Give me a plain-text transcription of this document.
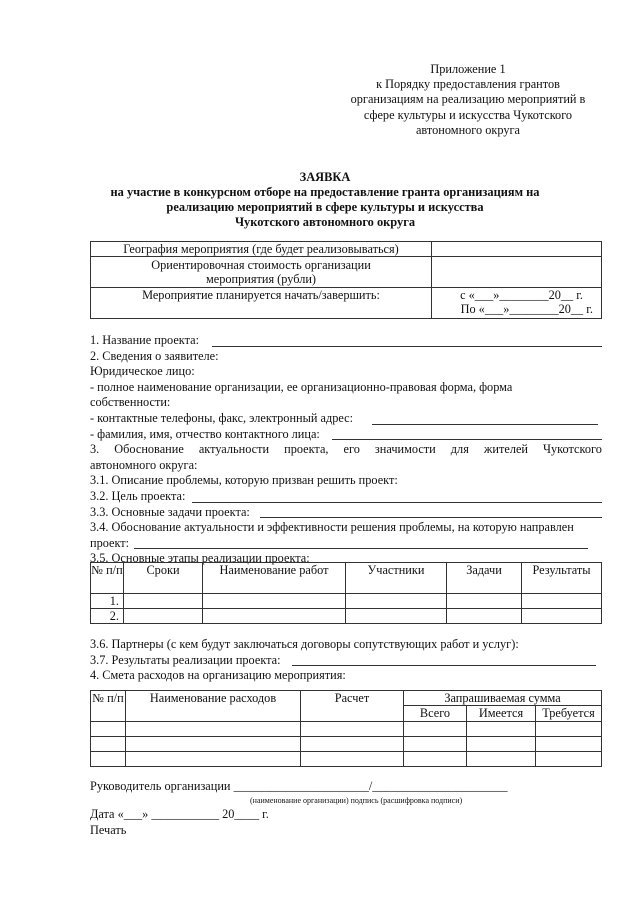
Приложение 1
к Порядку предоставления грантов
организациям на реализацию мероприятий в
сфере культуры и искусства Чукотского
автономного округа
ЗАЯВКА
на участие в конкурсном отборе на предоставление гранта организациям на
реализацию мероприятий в сфере культуры и искусства
Чукотского автономного округа
География мероприятия (где будет реализовываться)	
Ориентировочная стоимость организации мероприятия (рубли)	
Мероприятие планируется начать/завершить:	с «___»________20__ г.
По «___»________20__ г.
1. Название проекта:
2. Сведения о заявителе:
Юридическое лицо:
- полное наименование организации, ее организационно-правовая форма, форма
собственности:
- контактные телефоны, факс, электронный адрес:
- фамилия, имя, отчество контактного лица:
3. Обоснование актуальности проекта, его значимости для жителей Чукотского
автономного округа:
3.1. Описание проблемы, которую призван решить проект:
3.2. Цель проекта:
3.3. Основные задачи проекта:
3.4. Обоснование актуальности и эффективности решения проблемы, на которую направлен
проект:
3.5. Основные этапы реализации проекта:
№ п/п	Сроки	Наименование работ	Участники	Задачи	Результаты
1.					
2.					
3.6. Партнеры (с кем будут заключаться договоры сопутствующих работ и услуг):
3.7. Результаты реализации проекта:
4. Смета расходов на организацию мероприятия:
№ п/п	Наименование расходов	Расчет	Запрашиваемая сумма		
			Всего	Имеется	Требуется

Руководитель организации ______________________/______________________
(наименование организации) подпись (расшифровка подписи)
Дата «___» ___________ 20____ г.
Печать
